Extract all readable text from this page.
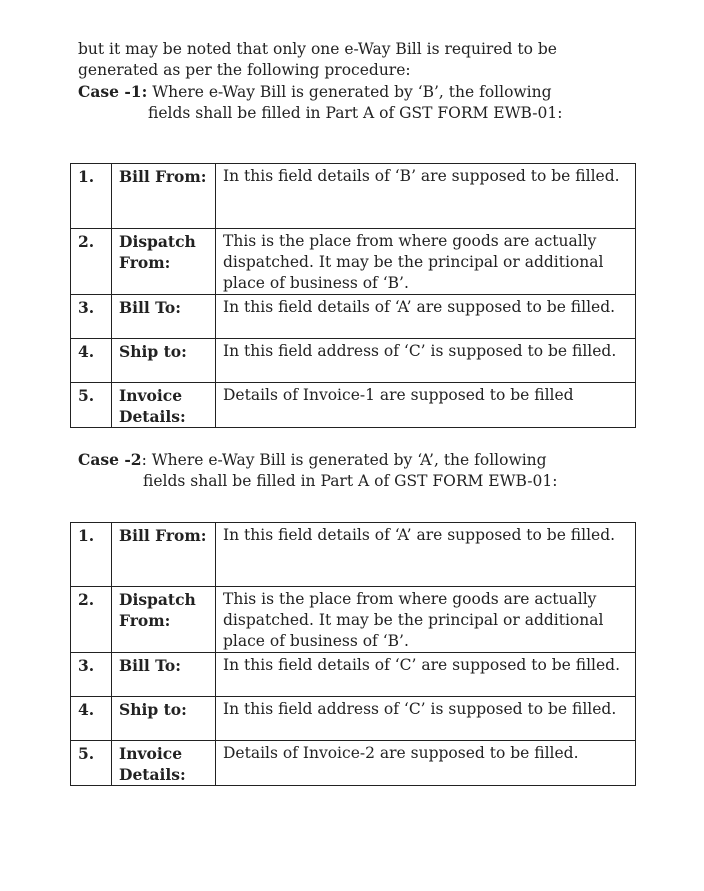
but it may be noted that only one e-Way Bill is required to be
generated as per the following procedure:
Case -1: Where e-Way Bill is generated by ‘B’, the following
fields shall be filled in Part A of GST FORM EWB-01:
1.	Bill From:	In this field details of ‘B’ are supposed to be filled.
2.	Dispatch From:	This is the place from where goods are actually dispatched. It may be the principal or additional place of business of ‘B’.
3.	Bill To:	In this field details of ‘A’ are supposed to be filled.
4.	Ship to:	In this field address of ‘C’ is supposed to be filled.
5.	Invoice Details:	Details of Invoice-1 are supposed to be filled
Case -2: Where e-Way Bill is generated by ‘A’, the following
fields shall be filled in Part A of GST FORM EWB-01:
1.	Bill From:	In this field details of ‘A’ are supposed to be filled.
2.	Dispatch From:	This is the place from where goods are actually dispatched. It may be the principal or additional place of business of ‘B’.
3.	Bill To:	In this field details of ‘C’ are supposed to be filled.
4.	Ship to:	In this field address of ‘C’ is supposed to be filled.
5.	Invoice Details:	Details of Invoice-2 are supposed to be filled.
